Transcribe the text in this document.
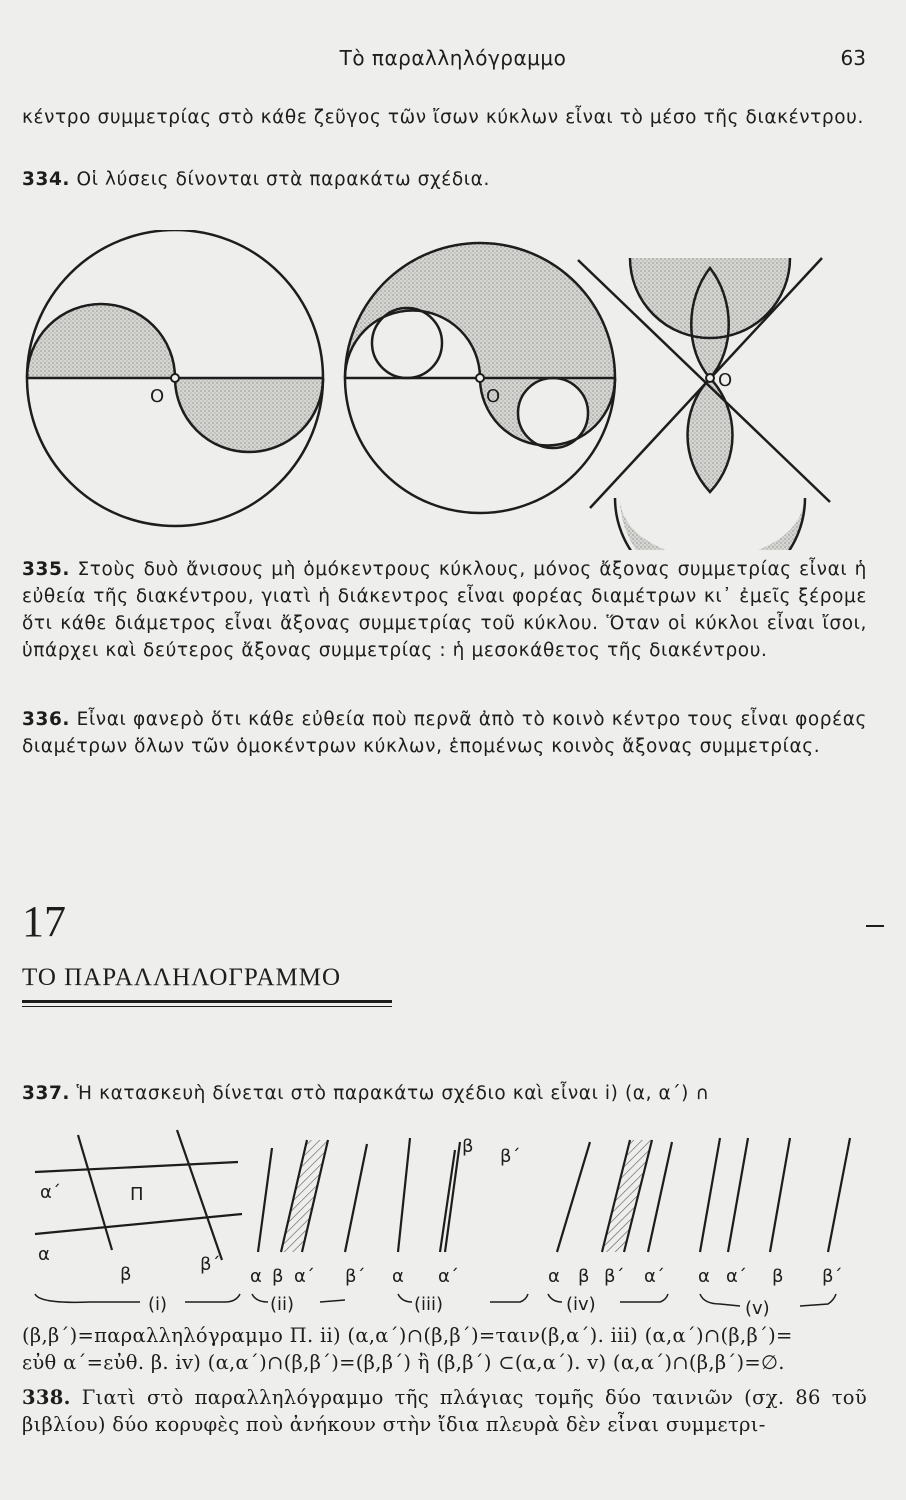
Τὸ παραλληλόγραμμο	63
κέντρο συμμετρίας στὸ κάθε ζεῦγος τῶν ἴσων κύκλων εἶναι τὸ μέσο τῆς διακέντρου.
334. Οἱ λύσεις δίνονται στὰ παρακάτω σχέδια.
O	O
O
335. Στοὺς δυὸ ἄνισους μὴ ὁμόκεντρους κύκλους, μόνος ἄξονας συμμετρίας εἶναι ἡ εὐθεία τῆς διακέντρου, γιατὶ ἡ διάκεντρος εἶναι φορέας διαμέτρων κι᾿ ἐμεῖς ξέρομε ὅτι κάθε διάμετρος εἶναι ἄξονας συμμετρίας τοῦ κύκλου. Ὅταν οἱ κύκλοι εἶναι ἴσοι, ὑπάρχει καὶ δεύτερος ἄξονας συμμετρίας : ἡ μεσοκάθετος τῆς διακέντρου.
336. Εἶναι φανερὸ ὅτι κάθε εὐθεία ποὺ περνᾶ ἀπὸ τὸ κοινὸ κέντρο τους εἶναι φορέας διαμέτρων ὅλων τῶν ὁμοκέντρων κύκλων, ἑπομένως κοινὸς ἄξονας συμμετρίας.
17
ΤΟ ΠΑΡΑΛΛΗΛΟΓΡΑΜΜΟ
337. Ἡ κατασκευὴ δίνεται στὸ παρακάτω σχέδιο καὶ εἶναι i) (α, α΄) ∩
α΄	Π
α
β	β΄
α β α΄ β΄ α α΄
β β΄
α β β΄ α΄ α α΄ β β΄
(i)	(ii)	(iii)	(iv)	(v)
(β,β΄)=παραλληλόγραμμο Π. ii) (α,α΄)∩(β,β΄)=ταιν(β,α΄). iii) (α,α΄)∩(β,β΄)=
εὐθ α΄=εὐθ. β. iv) (α,α΄)∩(β,β΄)=(β,β΄) ἢ (β,β΄) ⊂(α,α΄). v) (α,α΄)∩(β,β΄)=∅.
338. Γιατὶ στὸ παραλληλόγραμμο τῆς πλάγιας τομῆς δύο ταινιῶν (σχ. 86 τοῦ βιβλίου) δύο κορυφὲς ποὺ ἀνήκουν στὴν ἴδια πλευρὰ δὲν εἶναι συμμετρι-
